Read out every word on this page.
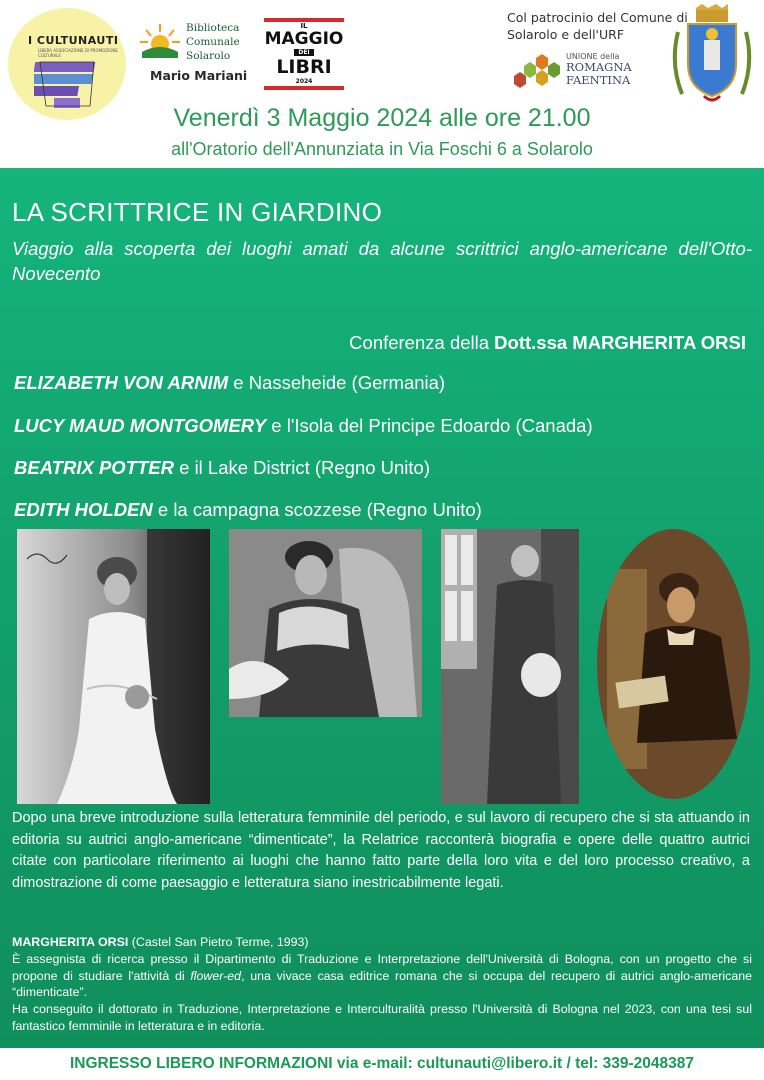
I CULTUNAUTI
LIBERA ASSOCIAZIONE DI PROMOZIONE CULTURALE
Biblioteca
Comunale
Solarolo
Mario Mariani
IL
MAGGIO
DEI
LIBRI
2024
Col patrocinio del Comune di
Solarolo e dell'URF
UNIONE della
ROMAGNA
FAENTINA
Venerdì 3 Maggio 2024 alle ore 21.00
all'Oratorio dell'Annunziata in Via Foschi 6 a Solarolo
LA SCRITTRICE IN GIARDINO
Viaggio alla scoperta dei luoghi amati da alcune scrittrici anglo-americane dell'Otto-Novecento
Conferenza della Dott.ssa MARGHERITA ORSI
ELIZABETH VON ARNIM e Nasseheide (Germania)
LUCY MAUD MONTGOMERY e l'Isola del Principe Edoardo (Canada)
BEATRIX POTTER e il Lake District (Regno Unito)
EDITH HOLDEN e la campagna scozzese (Regno Unito)
Dopo una breve introduzione sulla letteratura femminile del periodo, e sul lavoro di recupero che si sta attuando in editoria su autrici anglo-americane “dimenticate”, la Relatrice racconterà biografia e opere delle quattro autrici citate con particolare riferimento ai luoghi che hanno fatto parte della loro vita e del loro processo creativo, a dimostrazione di come paesaggio e letteratura siano inestricabilmente legati.
MARGHERITA ORSI (Castel San Pietro Terme, 1993)
È assegnista di ricerca presso il Dipartimento di Traduzione e Interpretazione dell'Università di Bologna, con un progetto che si propone di studiare l'attività di flower-ed, una vivace casa editrice romana che si occupa del recupero di autrici anglo-americane “dimenticate”.
Ha conseguito il dottorato in Traduzione, Interpretazione e Interculturalità presso l'Università di Bologna nel 2023, con una tesi sul fantastico femminile in letteratura e in editoria.
INGRESSO LIBERO INFORMAZIONI via e-mail: cultunauti@libero.it / tel: 339-2048387
